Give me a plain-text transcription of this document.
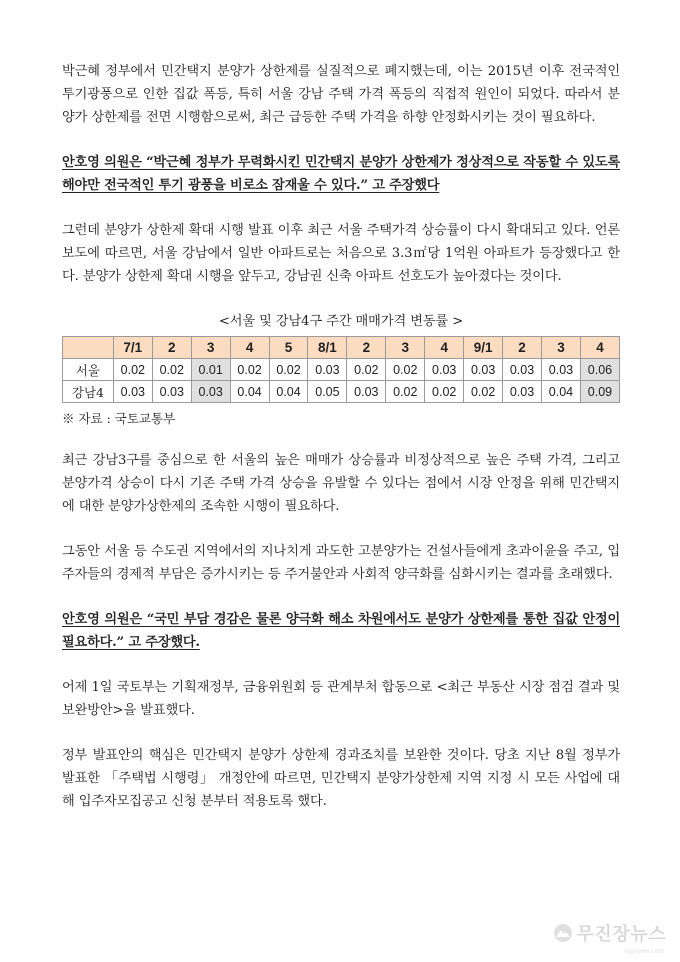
박근혜 정부에서 민간택지 분양가 상한제를 실질적으로 폐지했는데, 이는 2015년 이후 전국적인 투기광풍으로 인한 집값 폭등, 특히 서울 강남 주택 가격 폭등의 직접적 원인이 되었다. 따라서 분양가 상한제를 전면 시행함으로써, 최근 급등한 주택 가격을 하향 안정화시키는 것이 필요하다.

안호영 의원은 “박근혜 정부가 무력화시킨 민간택지 분양가 상한제가 정상적으로 작동할 수 있도록 해야만 전국적인 투기 광풍을 비로소 잠재울 수 있다.” 고 주장했다

그런데 분양가 상한제 확대 시행 발표 이후 최근 서울 주택가격 상승률이 다시 확대되고 있다. 언론보도에 따르면, 서울 강남에서 일반 아파트로는 처음으로 3.3㎡당 1억원 아파트가 등장했다고 한다. 분양가 상한제 확대 시행을 앞두고, 강남권 신축 아파트 선호도가 높아졌다는 것이다.

<서울 및 강남4구 주간 매매가격 변동률 >

	7/1	2	3	4	5	8/1	2	3	4	9/1	2	3	4
서울	0.02	0.02	0.01	0.02	0.02	0.03	0.02	0.02	0.03	0.03	0.03	0.03	0.06
강남4	0.03	0.03	0.03	0.04	0.04	0.05	0.03	0.02	0.02	0.02	0.03	0.04	0.09

※ 자료 : 국토교통부

최근 강남3구를 중심으로 한 서울의 높은 매매가 상승률과 비정상적으로 높은 주택 가격, 그리고 분양가격 상승이 다시 기존 주택 가격 상승을 유발할 수 있다는 점에서 시장 안정을 위해 민간택지에 대한 분양가상한제의 조속한 시행이 필요하다.

그동안 서울 등 수도권 지역에서의 지나치게 과도한 고분양가는 건설사들에게 초과이윤을 주고, 입주자들의 경제적 부담은 증가시키는 등 주거불안과 사회적 양극화를 심화시키는 결과를 초래했다.

안호영 의원은 “국민 부담 경감은 물론 양극화 해소 차원에서도 분양가 상한제를 통한 집값 안정이 필요하다.” 고 주장했다.

어제 1일 국토부는 기획재정부, 금융위원회 등 관계부처 합동으로 <최근 부동산 시장 점검 결과 및 보완방안>을 발표했다.

정부 발표안의 핵심은 민간택지 분양가 상한제 경과조치를 보완한 것이다. 당초 지난 8월 정부가 발표한 「주택법 시행령」 개정안에 따르면, 민간택지 분양가상한제 지역 지정 시 모든 사업에 대해 입주자모집공고 신청 분부터 적용토록 했다.

무진장뉴스
mjjnews.com
